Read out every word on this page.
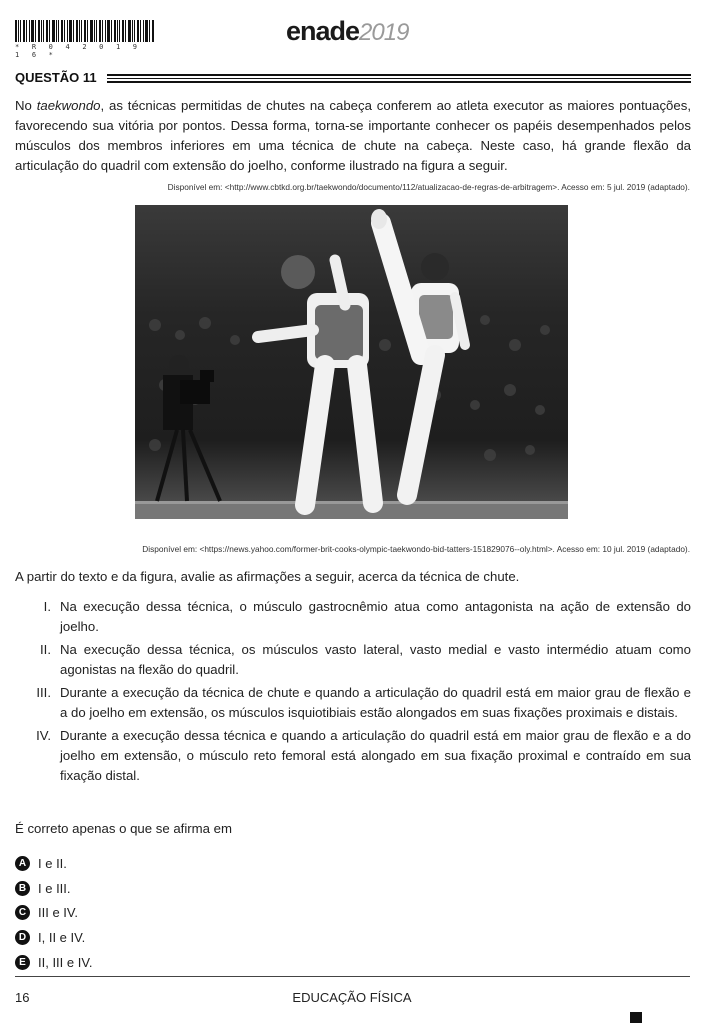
* R 0 4 2 0 1 9 1 6 *
enade2019
QUESTÃO 11
No taekwondo, as técnicas permitidas de chutes na cabeça conferem ao atleta executor as maiores pontuações, favorecendo sua vitória por pontos. Dessa forma, torna-se importante conhecer os papéis desempenhados pelos músculos dos membros inferiores em uma técnica de chute na cabeça. Neste caso, há grande flexão da articulação do quadril com extensão do joelho, conforme ilustrado na figura a seguir.
Disponível em: <http://www.cbtkd.org.br/taekwondo/documento/112/atualizacao-de-regras-de-arbitragem>. Acesso em: 5 jul. 2019 (adaptado).
Disponível em: <https://news.yahoo.com/former-brit-cooks-olympic-taekwondo-bid-tatters-151829076--oly.html>. Acesso em: 10 jul. 2019 (adaptado).
A partir do texto e da figura, avalie as afirmações a seguir, acerca da técnica de chute.
I. Na execução dessa técnica, o músculo gastrocnêmio atua como antagonista na ação de extensão do joelho.
II. Na execução dessa técnica, os músculos vasto lateral, vasto medial e vasto intermédio atuam como agonistas na flexão do quadril.
III. Durante a execução da técnica de chute e quando a articulação do quadril está em maior grau de flexão e a do joelho em extensão, os músculos isquiotibiais estão alongados em suas fixações proximais e distais.
IV. Durante a execução dessa técnica e quando a articulação do quadril está em maior grau de flexão e a do joelho em extensão, o músculo reto femoral está alongado em sua fixação proximal e contraído em sua fixação distal.
É correto apenas o que se afirma em
A I e II.
B I e III.
C III e IV.
D I, II e IV.
E II, III e IV.
16	EDUCAÇÃO FÍSICA
